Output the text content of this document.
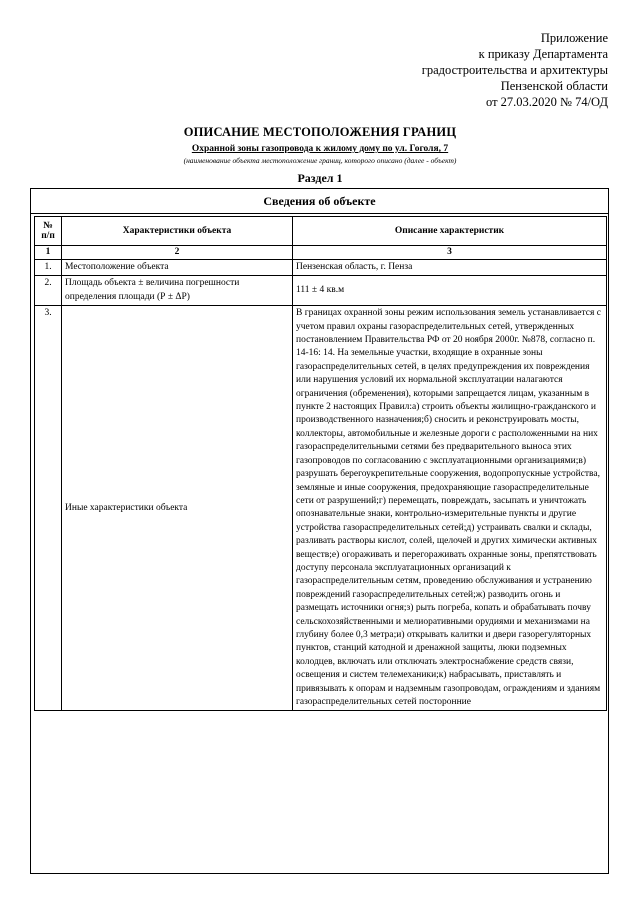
Приложение
к приказу Департамента
градостроительства и архитектуры
Пензенской области
от 27.03.2020 № 74/ОД
ОПИСАНИЕ МЕСТОПОЛОЖЕНИЯ ГРАНИЦ
Охранной зоны газопровода к жилому дому по ул. Гоголя, 7
(наименование объекта местоположение границ, которого описано (далее - объект)
Раздел 1
Сведения об объекте
№ п/п	Характеристики объекта	Описание характеристик
1	2	3
1.	Местоположение объекта	Пензенская область, г. Пенза
2.	Площадь объекта ± величина погрешности определения площади (Р ± ΔР)	111 ± 4 кв.м
3.	Иные характеристики объекта	В границах охранной зоны режим использования земель устанавливается с учетом правил охраны газораспределительных сетей, утвержденных постановлением Правительства РФ от 20 ноября 2000г. №878, согласно п. 14-16: 14. На земельные участки, входящие в охранные зоны газораспределительных сетей, в целях предупреждения их повреждения или нарушения условий их нормальной эксплуатации налагаются ограничения (обременения), которыми запрещается лицам, указанным в пункте 2 настоящих Правил:а) строить объекты жилищно-гражданского и производственного назначения;б) сносить и реконструировать мосты, коллекторы, автомобильные и железные дороги с расположенными на них газораспределительными сетями без предварительного выноса этих газопроводов по согласованию с эксплуатационными организациями;в) разрушать берегоукрепительные сооружения, водопропускные устройства, земляные и иные сооружения, предохраняющие газораспределительные сети от разрушений;г) перемещать, повреждать, засыпать и уничтожать опознавательные знаки, контрольно-измерительные пункты и другие устройства газораспределительных сетей;д) устраивать свалки и склады, разливать растворы кислот, солей, щелочей и других химически активных веществ;е) огораживать и перегораживать охранные зоны, препятствовать доступу персонала эксплуатационных организаций к газораспределительным сетям, проведению обслуживания и устранению повреждений газораспределительных сетей;ж) разводить огонь и размещать источники огня;з) рыть погреба, копать и обрабатывать почву сельскохозяйственными и мелиоративными орудиями и механизмами на глубину более 0,3 метра;и) открывать калитки и двери газорегуляторных пунктов, станций катодной и дренажной защиты, люки подземных колодцев, включать или отключать электроснабжение средств связи, освещения и систем телемеханики;к) набрасывать, приставлять и привязывать к опорам и надземным газопроводам, ограждениям и зданиям газораспределительных сетей посторонние
